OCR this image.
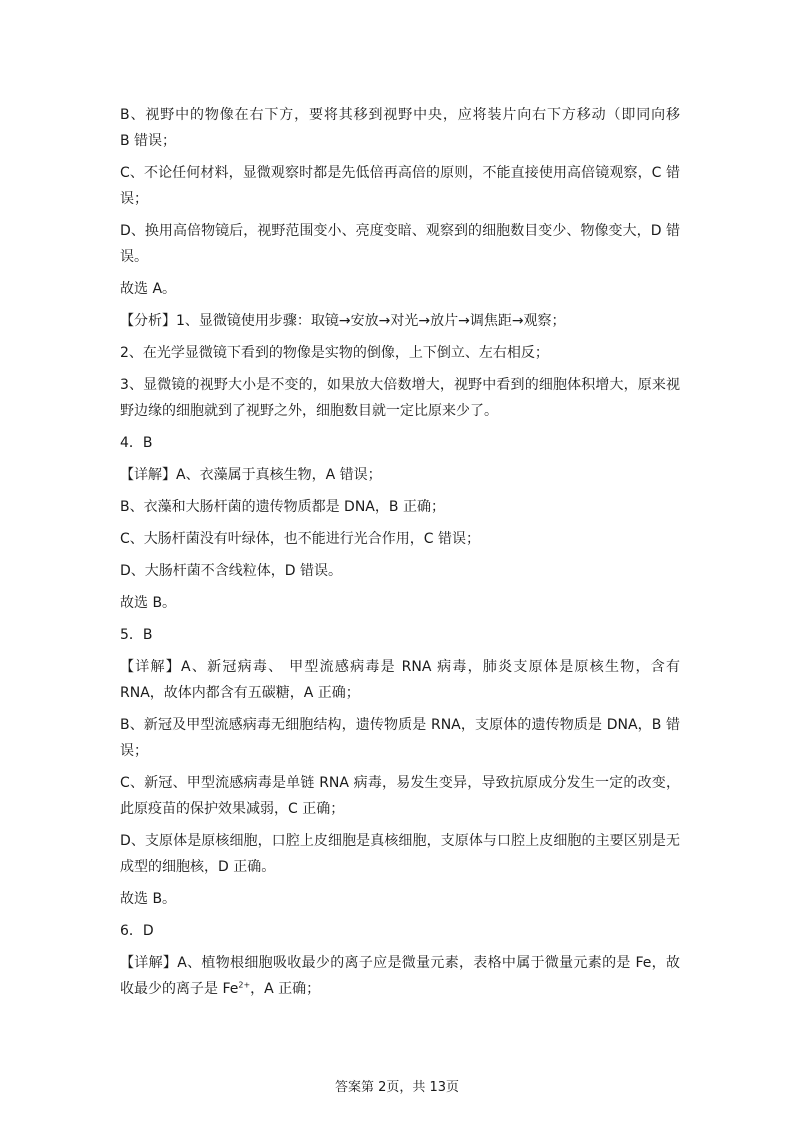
B、视野中的物像在右下方，要将其移到视野中央，应将装片向右下方移动（即同向移
B 错误；
C、不论任何材料，显微观察时都是先低倍再高倍的原则，不能直接使用高倍镜观察，C 错
误；
D、换用高倍物镜后，视野范围变小、亮度变暗、观察到的细胞数目变少、物像变大，D 错
误。
故选 A。
【分析】1、显微镜使用步骤：取镜→安放→对光→放片→调焦距→观察；
2、在光学显微镜下看到的物像是实物的倒像，上下倒立、左右相反；
3、显微镜的视野大小是不变的，如果放大倍数增大，视野中看到的细胞体积增大，原来视
野边缘的细胞就到了视野之外，细胞数目就一定比原来少了。
4．B
【详解】A、衣藻属于真核生物，A 错误；
B、衣藻和大肠杆菌的遗传物质都是 DNA，B 正确；
C、大肠杆菌没有叶绿体，也不能进行光合作用，C 错误；
D、大肠杆菌不含线粒体，D 错误。
故选 B。
5．B
【详解】A、新冠病毒、 甲型流感病毒是 RNA 病毒，肺炎支原体是原核生物，含有
RNA，故体内都含有五碳糖，A 正确；
B、新冠及甲型流感病毒无细胞结构，遗传物质是 RNA，支原体的遗传物质是 DNA，B 错
误；
C、新冠、甲型流感病毒是单链 RNA 病毒，易发生变异，导致抗原成分发生一定的改变，
此原疫苗的保护效果减弱，C 正确；
D、支原体是原核细胞，口腔上皮细胞是真核细胞，支原体与口腔上皮细胞的主要区别是无
成型的细胞核，D 正确。
故选 B。
6．D
【详解】A、植物根细胞吸收最少的离子应是微量元素，表格中属于微量元素的是 Fe，故
收最少的离子是 $Fe^{2+}$，A 正确；
答案第 2页，共 13页
